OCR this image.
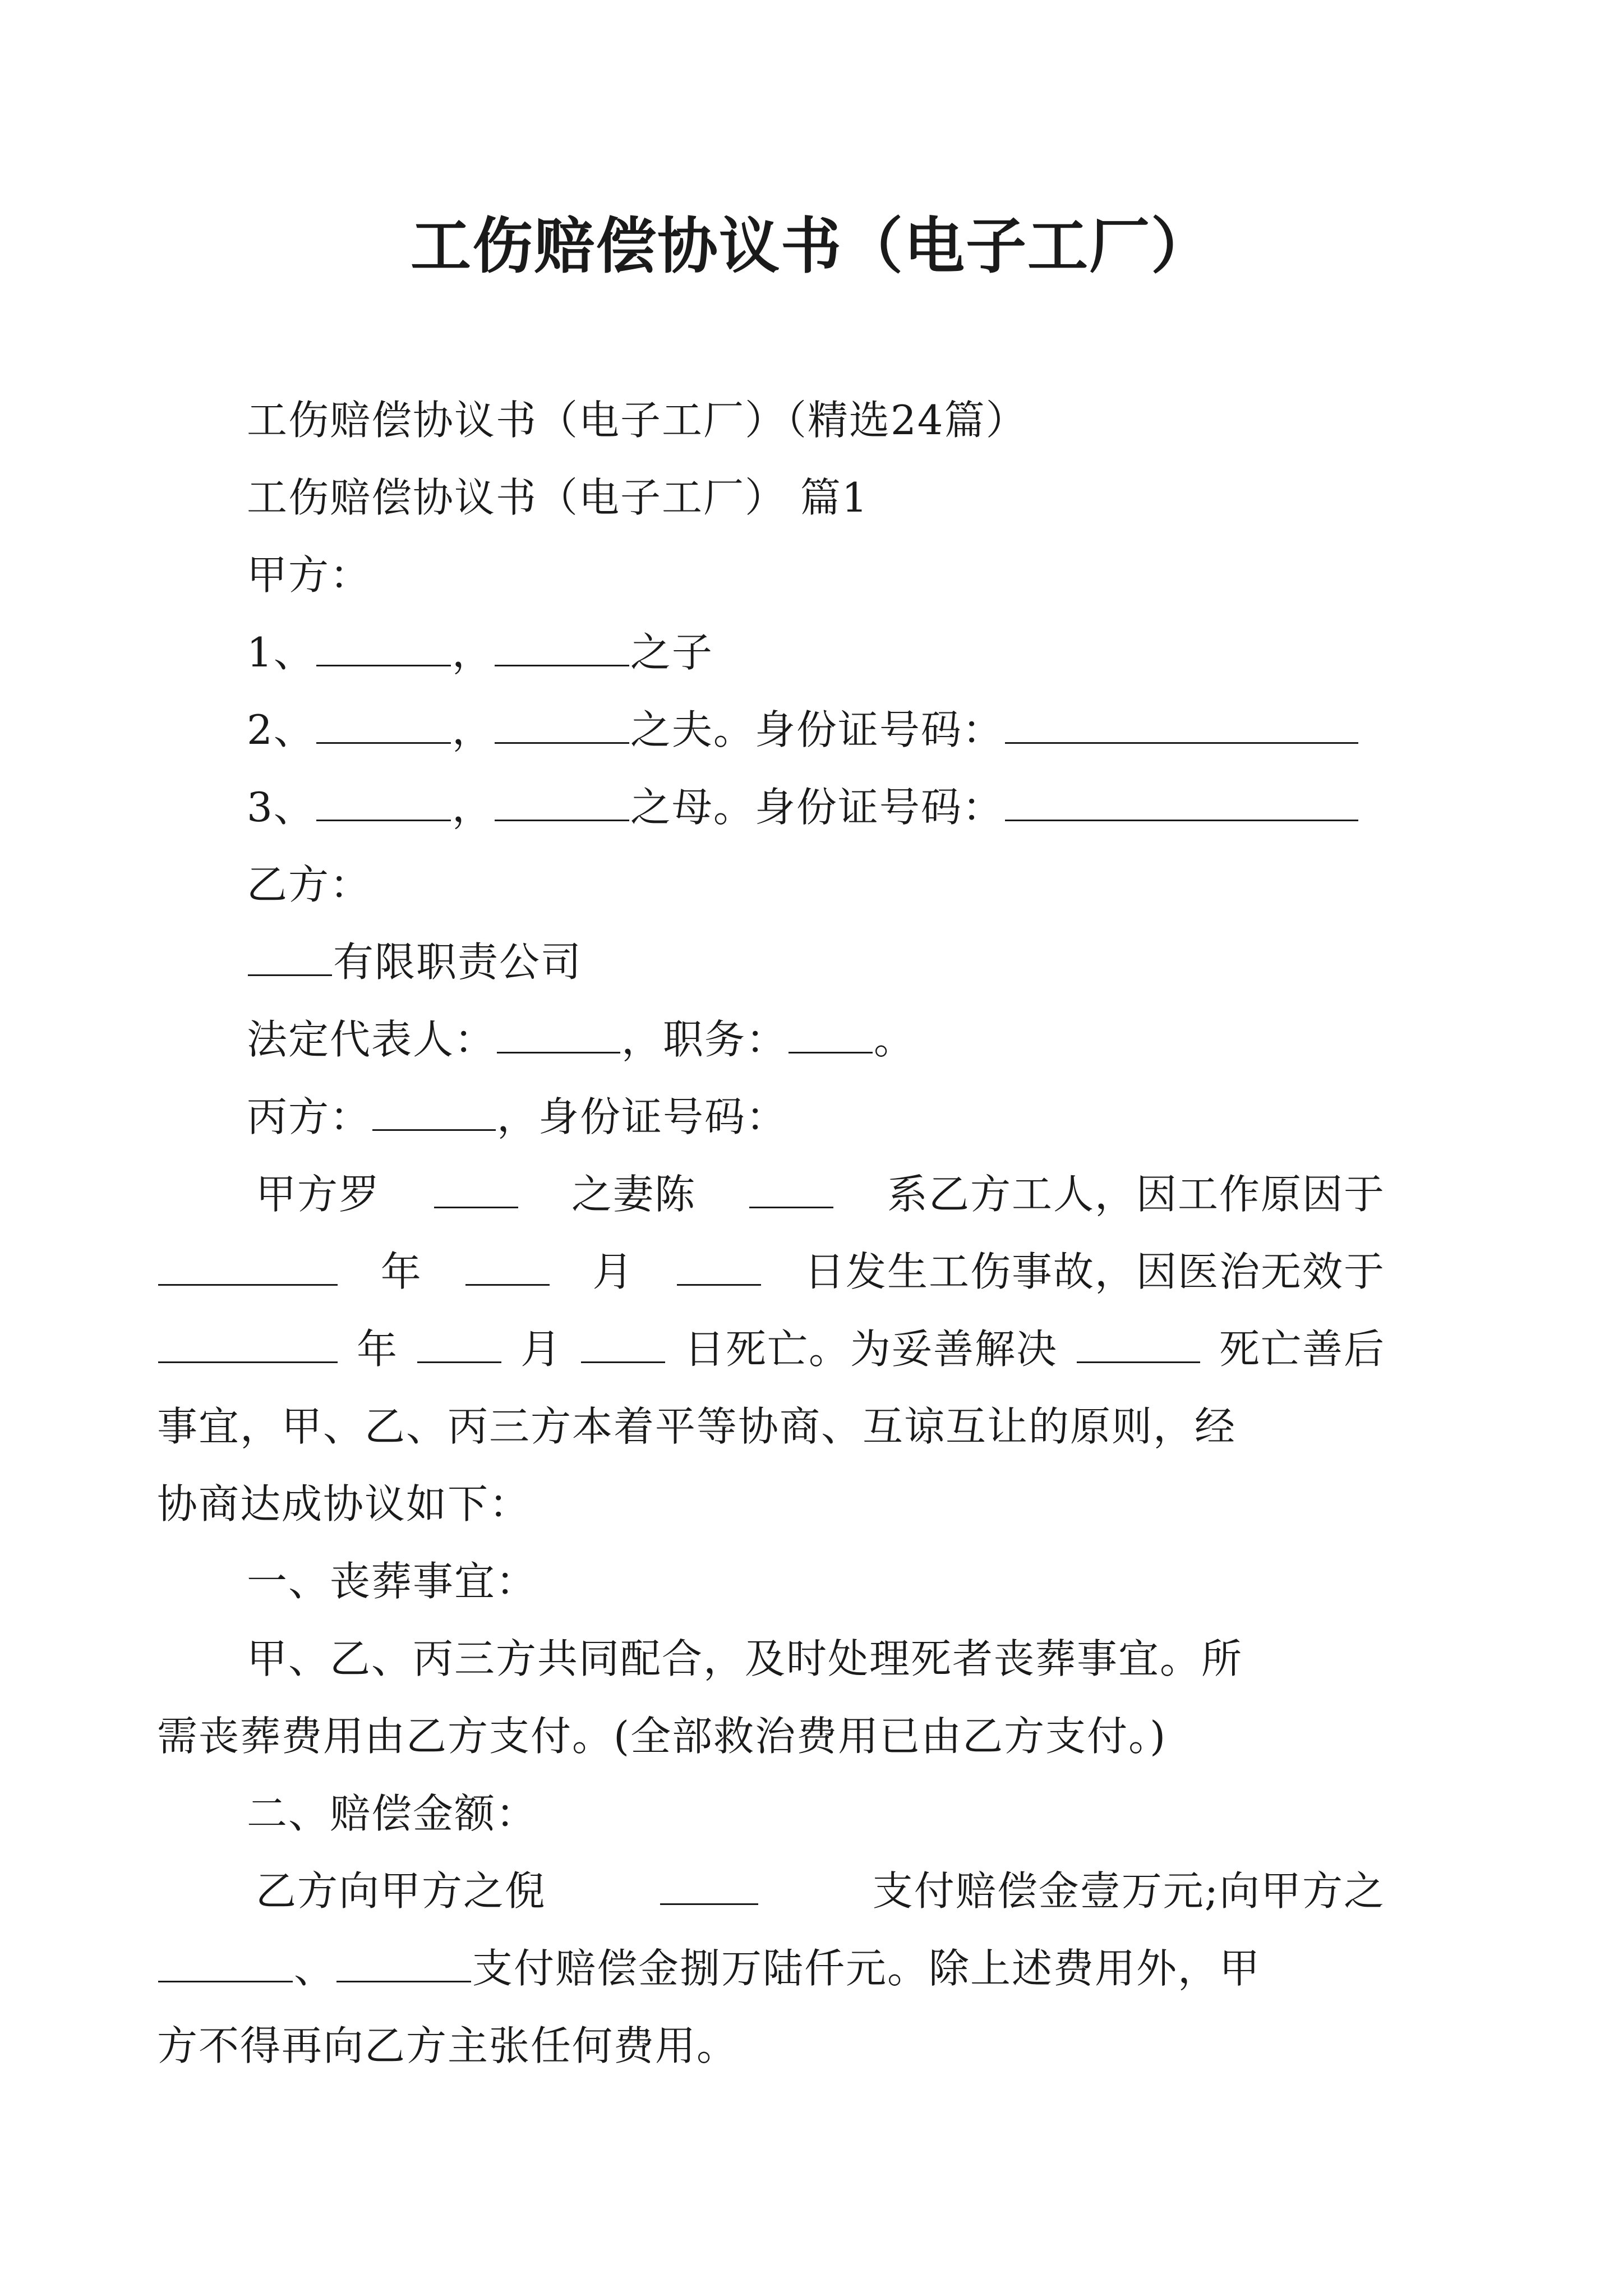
工伤赔偿协议书（电子工厂）
工伤赔偿协议书（电子工厂）（精选24篇）
工伤赔偿协议书（电子工厂） 篇1
甲方：
1、	，	之子
2、	，	之夫。身份证号码：
3、	，	之母。身份证号码：
乙方：
有限职责公司
法定代表人：	，职务： 。
丙方：	，身份证号码：
甲方罗	之妻陈	系乙方工人，因工作原因于
年	月	日发生工伤事故，因医治无效于
年	月	日死亡。为妥善解决	死亡善后
事宜，甲、乙、丙三方本着平等协商、互谅互让的原则，经
协商达成协议如下：
一、丧葬事宜：
甲、乙、丙三方共同配合，及时处理死者丧葬事宜。所
需丧葬费用由乙方支付。(全部救治费用已由乙方支付。)
二、赔偿金额：
乙方向甲方之倪	支付赔偿金壹万元;向甲方之
、	支付赔偿金捌万陆仟元。除上述费用外，甲
方不得再向乙方主张任何费用。
